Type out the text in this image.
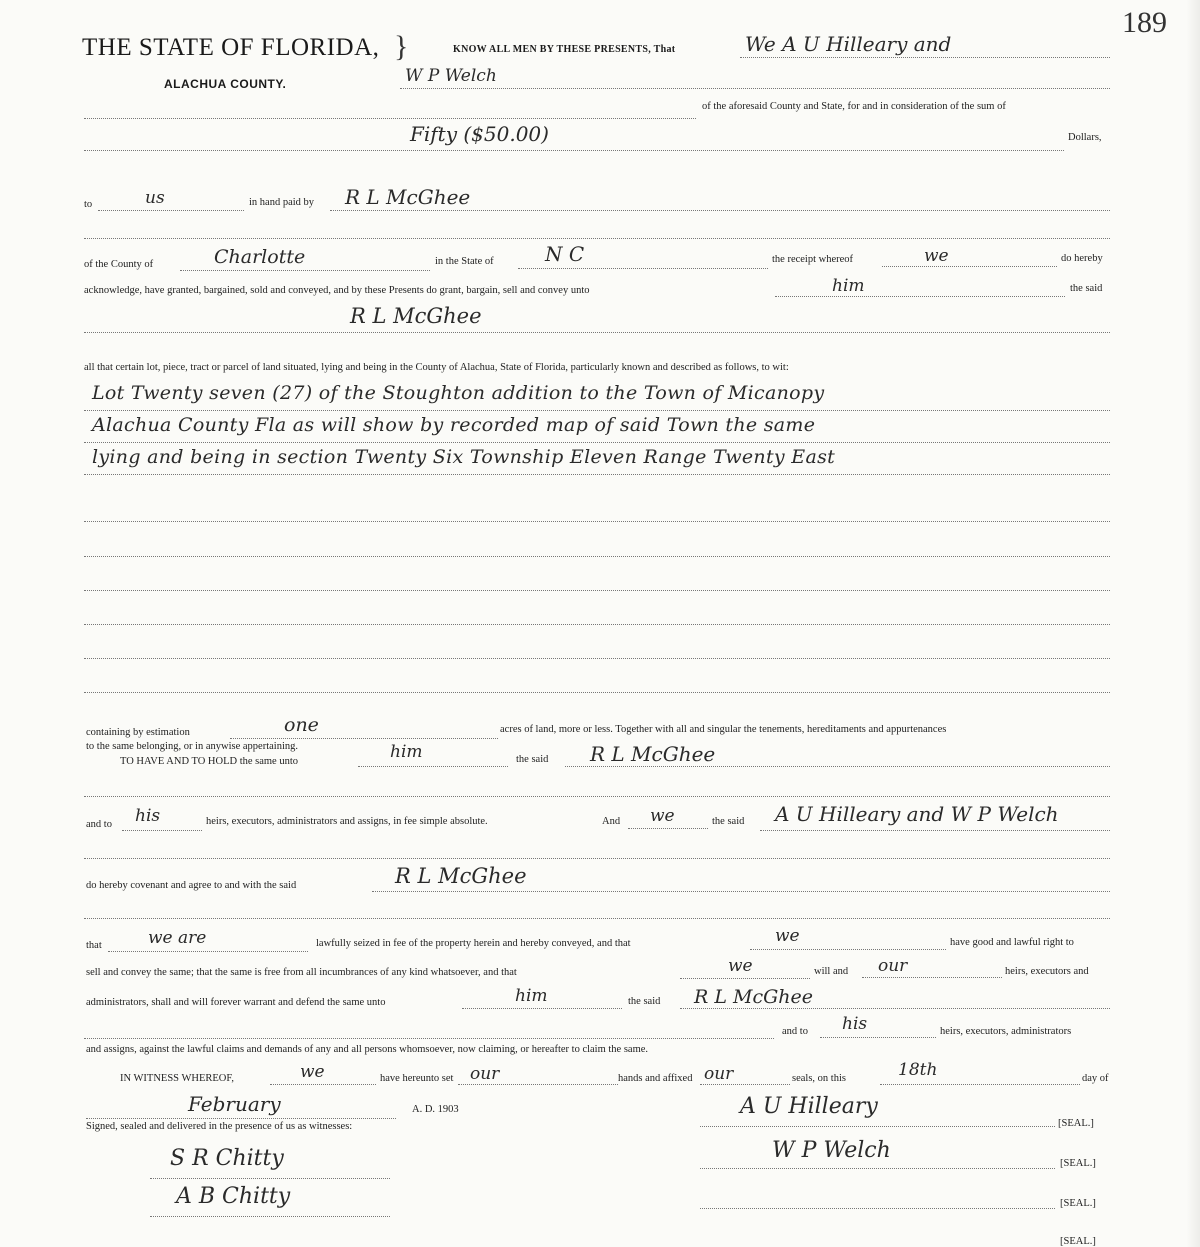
189
THE STATE OF FLORIDA, }
ALACHUA COUNTY.
KNOW ALL MEN BY THESE PRESENTS, That	We A U Hilleary and
W P Welch
of the aforesaid County and State, for and in consideration of the sum of
Fifty ($50.00)	Dollars,
to	us	in hand paid by R L McGhee
of the County of	Charlotte	in the State of	N C	the receipt whereof	we	do hereby
acknowledge, have granted, bargained, sold and conveyed, and by these Presents do grant, bargain, sell and convey unto	him	the said
R L McGhee
all that certain lot, piece, tract or parcel of land situated, lying and being in the County of Alachua, State of Florida, particularly known and described as follows, to wit:
Lot Twenty seven (27) of the Stoughton addition to the Town of Micanopy
Alachua County Fla as will show by recorded map of said Town the same
lying and being in section Twenty Six Township Eleven Range Twenty East
containing by estimation	one	acres of land, more or less. Together with all and singular the tenements, hereditaments and appurtenances
to the same belonging, or in anywise appertaining.	him
TO HAVE AND TO HOLD the same unto	the said R L McGhee
and to his	heirs, executors, administrators and assigns, in fee simple absolute.	And we	the said A U Hilleary and W P Welch
do hereby covenant and agree to and with the said	R L McGhee
that	we are	lawfully seized in fee of the property herein and hereby conveyed, and that	we	have good and lawful right to
sell and convey the same; that the same is free from all incumbrances of any kind whatsoever, and that	we	will and our	heirs, executors and
administrators, shall and will forever warrant and defend the same unto	him	the said R L McGhee
and to his	heirs, executors, administrators
and assigns, against the lawful claims and demands of any and all persons whomsoever, now claiming, or hereafter to claim the same.
IN WITNESS WHEREOF,	we	have hereunto set our	hands and affixed our	seals, on this	18th	day of
February	A. D. 1903
Signed, sealed and delivered in the presence of us as witnesses:
A U Hilleary
[SEAL.]
W P Welch
[SEAL.]
[SEAL.]
[SEAL.]
S R Chitty
A B Chitty
